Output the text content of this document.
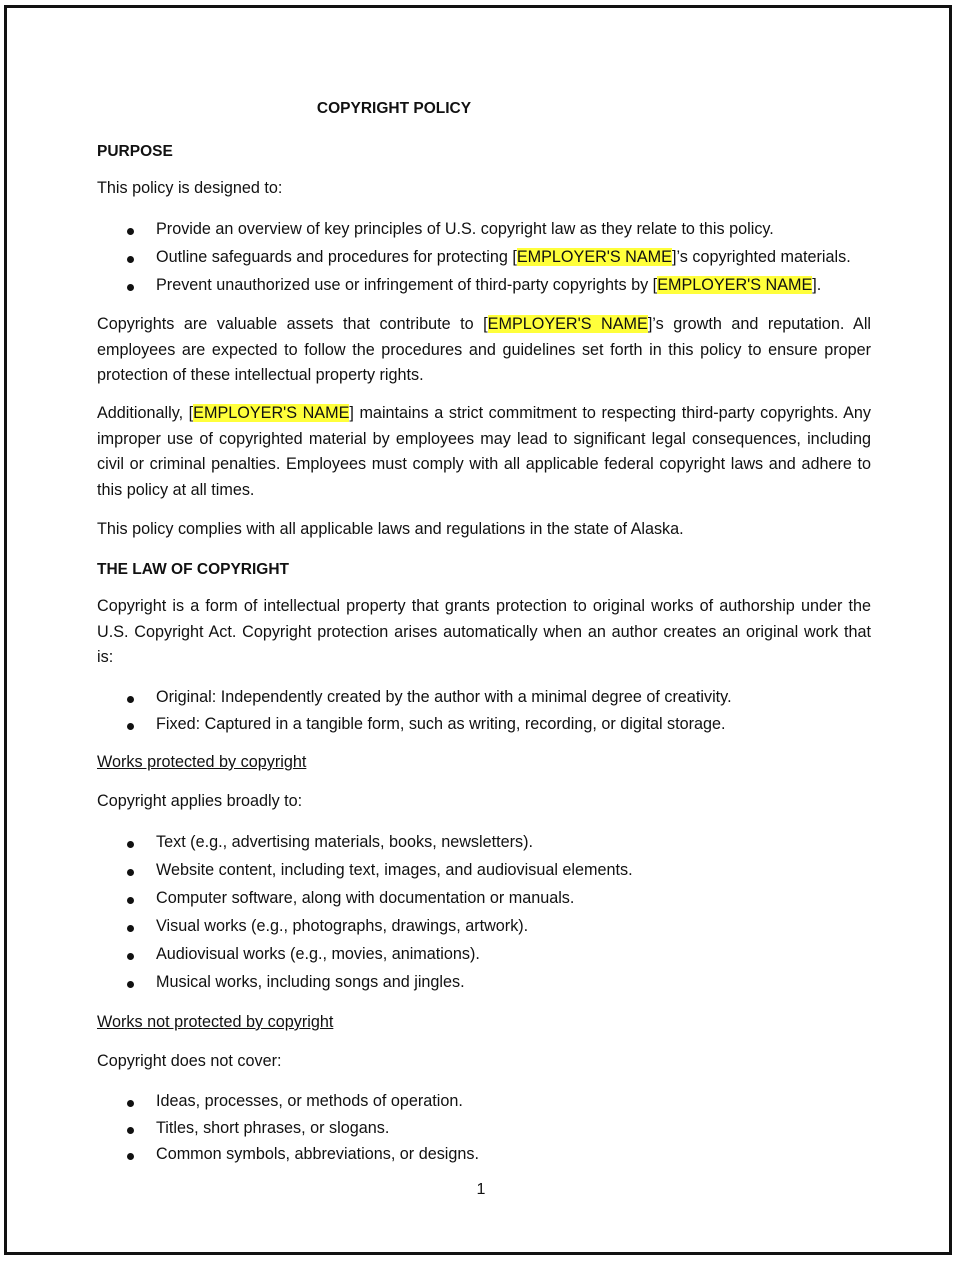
COPYRIGHT POLICY
PURPOSE
This policy is designed to:
Provide an overview of key principles of U.S. copyright law as they relate to this policy.
Outline safeguards and procedures for protecting [EMPLOYER'S NAME]’s copyrighted materials.
Prevent unauthorized use or infringement of third-party copyrights by [EMPLOYER'S NAME].
Copyrights are valuable assets that contribute to [EMPLOYER'S NAME]’s growth and reputation. All employees are expected to follow the procedures and guidelines set forth in this policy to ensure proper protection of these intellectual property rights.
Additionally, [EMPLOYER'S NAME] maintains a strict commitment to respecting third-party copyrights. Any improper use of copyrighted material by employees may lead to significant legal consequences, including civil or criminal penalties. Employees must comply with all applicable federal copyright laws and adhere to this policy at all times.
This policy complies with all applicable laws and regulations in the state of Alaska.
THE LAW OF COPYRIGHT
Copyright is a form of intellectual property that grants protection to original works of authorship under the U.S. Copyright Act. Copyright protection arises automatically when an author creates an original work that is:
Original: Independently created by the author with a minimal degree of creativity.
Fixed: Captured in a tangible form, such as writing, recording, or digital storage.
Works protected by copyright
Copyright applies broadly to:
Text (e.g., advertising materials, books, newsletters).
Website content, including text, images, and audiovisual elements.
Computer software, along with documentation or manuals.
Visual works (e.g., photographs, drawings, artwork).
Audiovisual works (e.g., movies, animations).
Musical works, including songs and jingles.
Works not protected by copyright
Copyright does not cover:
Ideas, processes, or methods of operation.
Titles, short phrases, or slogans.
Common symbols, abbreviations, or designs.
1
